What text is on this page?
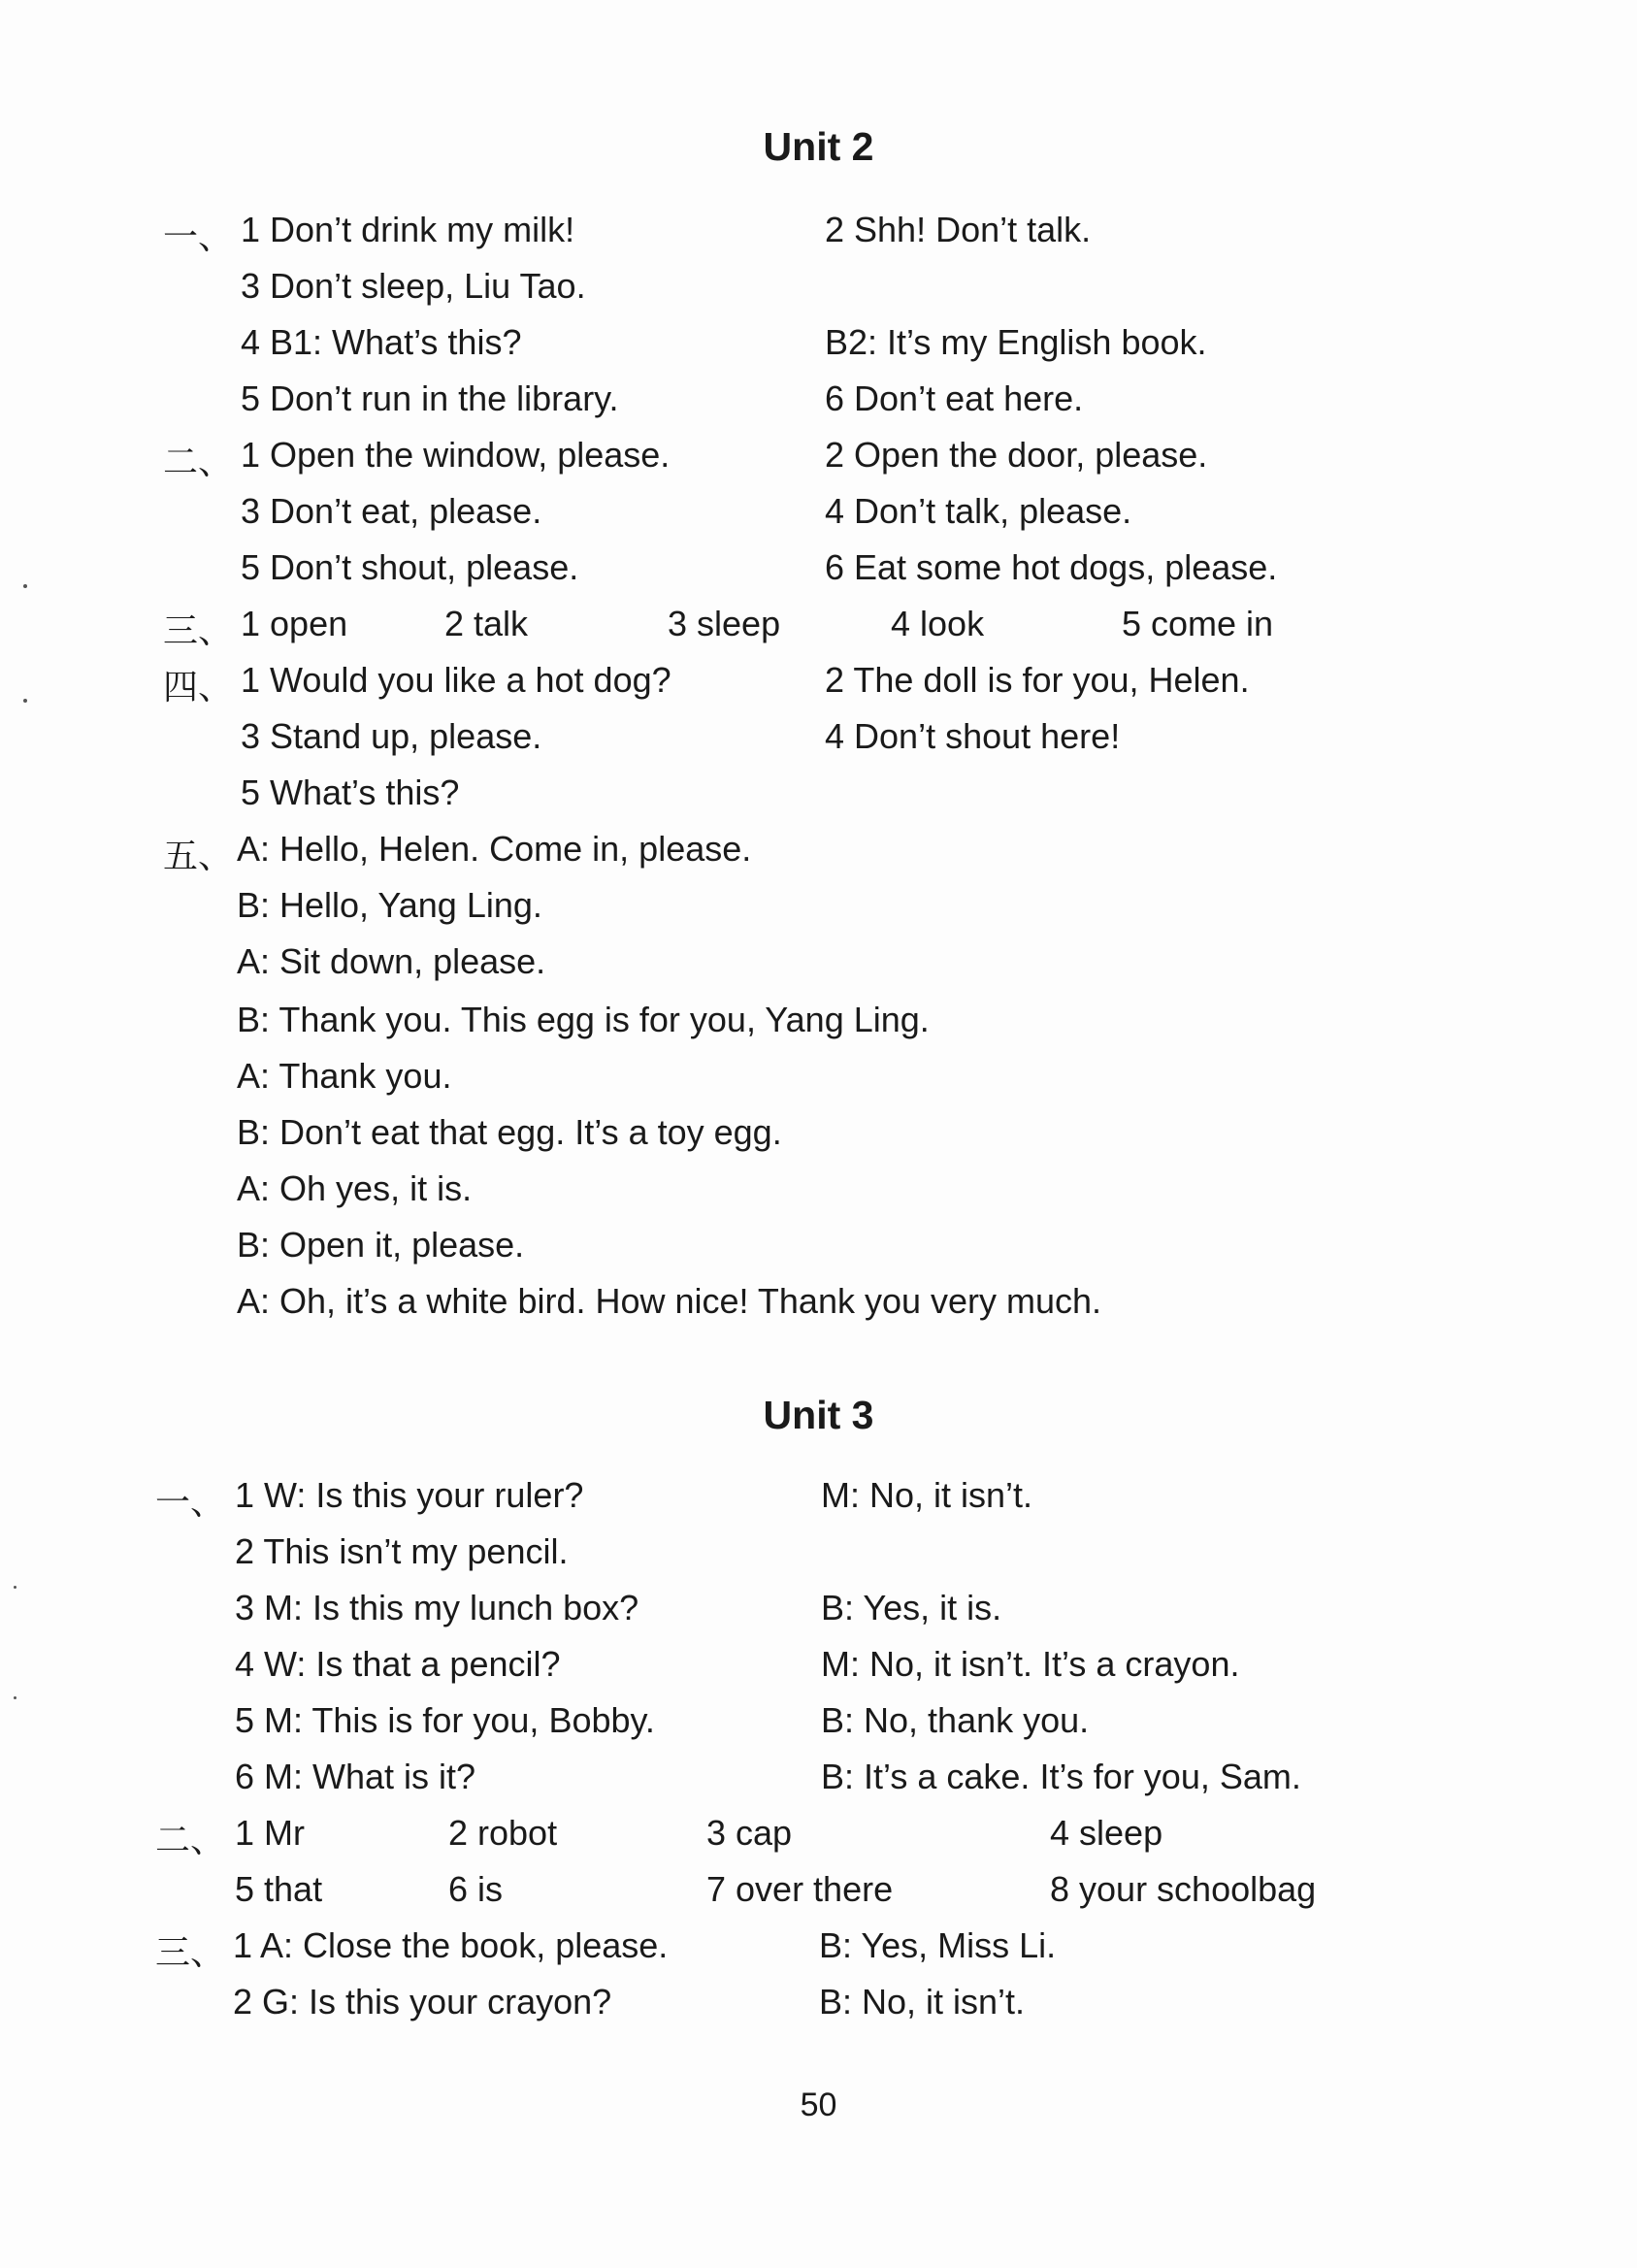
Unit 2
一、 1 Don’t drink my milk!	2 Shh! Don’t talk.
3 Don’t sleep, Liu Tao.
4 B1: What’s this?	B2: It’s my English book.
5 Don’t run in the library.	6 Don’t eat here.
二、 1 Open the window, please.	2 Open the door, please.
3 Don’t eat, please.	4 Don’t talk, please.
5 Don’t shout, please.	6 Eat some hot dogs, please.
三、 1 open	2 talk	3 sleep	4 look	5 come in
四、 1 Would you like a hot dog?	2 The doll is for you, Helen.
3 Stand up, please.	4 Don’t shout here!
5 What’s this?
五、 A: Hello, Helen. Come in, please.
B: Hello, Yang Ling.
A: Sit down, please.
B: Thank you. This egg is for you, Yang Ling.
A: Thank you.
B: Don’t eat that egg. It’s a toy egg.
A: Oh yes, it is.
B: Open it, please.
A: Oh, it’s a white bird. How nice! Thank you very much.
Unit 3
一、 1 W: Is this your ruler?	M: No, it isn’t.
2 This isn’t my pencil.
3 M: Is this my lunch box?	B: Yes, it is.
4 W: Is that a pencil?	M: No, it isn’t. It’s a crayon.
5 M: This is for you, Bobby.	B: No, thank you.
6 M: What is it?	B: It’s a cake. It’s for you, Sam.
二、 1 Mr	2 robot	3 cap	4 sleep
5 that	6 is	7 over there	8 your schoolbag
三、 1 A: Close the book, please.	B: Yes, Miss Li.
2 G: Is this your crayon?	B: No, it isn’t.
50
